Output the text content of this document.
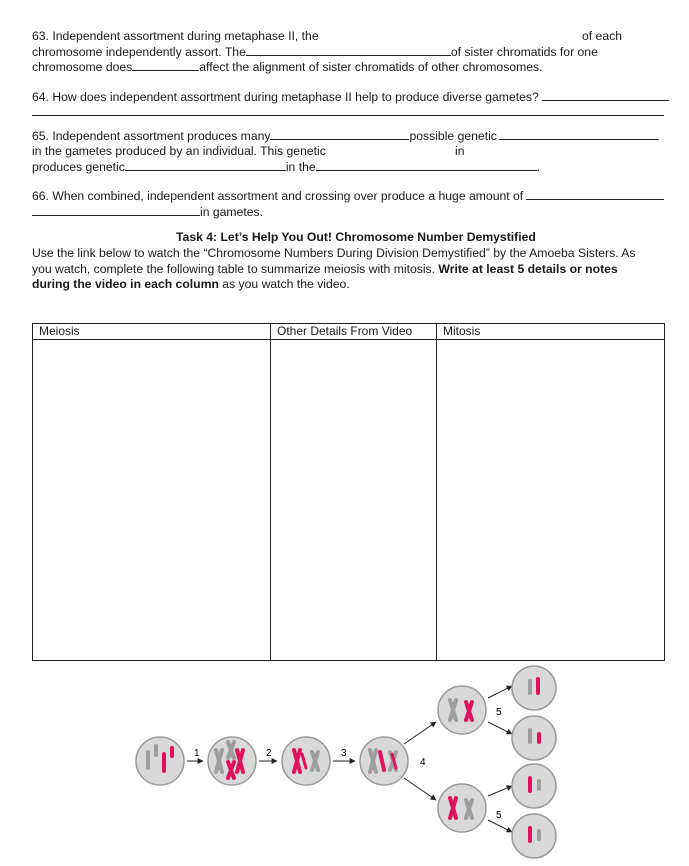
63. Independent assortment during metaphase II, the	of each
chromosome independently assort. The	of sister chromatids for one
chromosome does	affect the alignment of sister chromatids of other chromosomes.
64. How does independent assortment during metaphase II help to produce diverse gametes?
65. Independent assortment produces many	possible genetic
in the gametes produced by an individual. This genetic	in
produces genetic	in the	.
66. When combined, independent assortment and crossing over produce a huge amount of
in gametes.
Task 4: Let’s Help You Out! Chromosome Number Demystified
Use the link below to watch the “Chromosome Numbers During Division Demystified” by the Amoeba Sisters. As
you watch, complete the following table to summarize meiosis with mitosis. Write at least 5 details or notes
during the video in each column as you watch the video.
Meiosis	Other Details From Video	Mitosis

1	2	3
4
5
5
